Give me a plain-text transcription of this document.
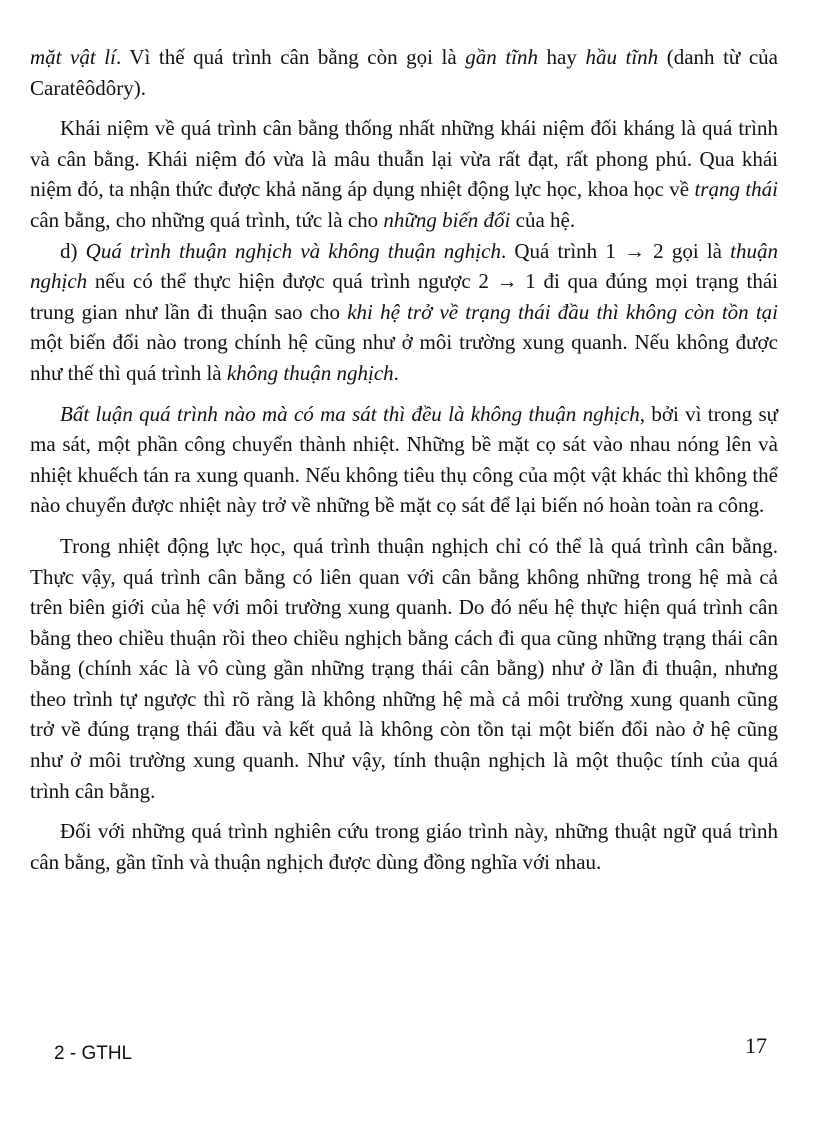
mặt vật lí. Vì thế quá trình cân bằng còn gọi là gần tĩnh hay hầu tĩnh (danh từ của Caratêôdôry).

Khái niệm về quá trình cân bằng thống nhất những khái niệm đối kháng là quá trình và cân bằng. Khái niệm đó vừa là mâu thuẫn lại vừa rất đạt, rất phong phú. Qua khái niệm đó, ta nhận thức được khả năng áp dụng nhiệt động lực học, khoa học về trạng thái cân bằng, cho những quá trình, tức là cho những biến đổi của hệ.

d) Quá trình thuận nghịch và không thuận nghịch. Quá trình 1 → 2 gọi là thuận nghịch nếu có thể thực hiện được quá trình ngược 2 → 1 đi qua đúng mọi trạng thái trung gian như lần đi thuận sao cho khi hệ trở về trạng thái đầu thì không còn tồn tại một biến đổi nào trong chính hệ cũng như ở môi trường xung quanh. Nếu không được như thế thì quá trình là không thuận nghịch.

Bất luận quá trình nào mà có ma sát thì đều là không thuận nghịch, bởi vì trong sự ma sát, một phần công chuyển thành nhiệt. Những bề mặt cọ sát vào nhau nóng lên và nhiệt khuếch tán ra xung quanh. Nếu không tiêu thụ công của một vật khác thì không thể nào chuyển được nhiệt này trở về những bề mặt cọ sát để lại biến nó hoàn toàn ra công.

Trong nhiệt động lực học, quá trình thuận nghịch chỉ có thể là quá trình cân bằng. Thực vậy, quá trình cân bằng có liên quan với cân bằng không những trong hệ mà cả trên biên giới của hệ với môi trường xung quanh. Do đó nếu hệ thực hiện quá trình cân bằng theo chiều thuận rồi theo chiều nghịch bằng cách đi qua cũng những trạng thái cân bằng (chính xác là vô cùng gần những trạng thái cân bằng) như ở lần đi thuận, nhưng theo trình tự ngược thì rõ ràng là không những hệ mà cả môi trường xung quanh cũng trở về đúng trạng thái đầu và kết quả là không còn tồn tại một biến đổi nào ở hệ cũng như ở môi trường xung quanh. Như vậy, tính thuận nghịch là một thuộc tính của quá trình cân bằng.

Đối với những quá trình nghiên cứu trong giáo trình này, những thuật ngữ quá trình cân bằng, gần tĩnh và thuận nghịch được dùng đồng nghĩa với nhau.

2 - GTHL	17
